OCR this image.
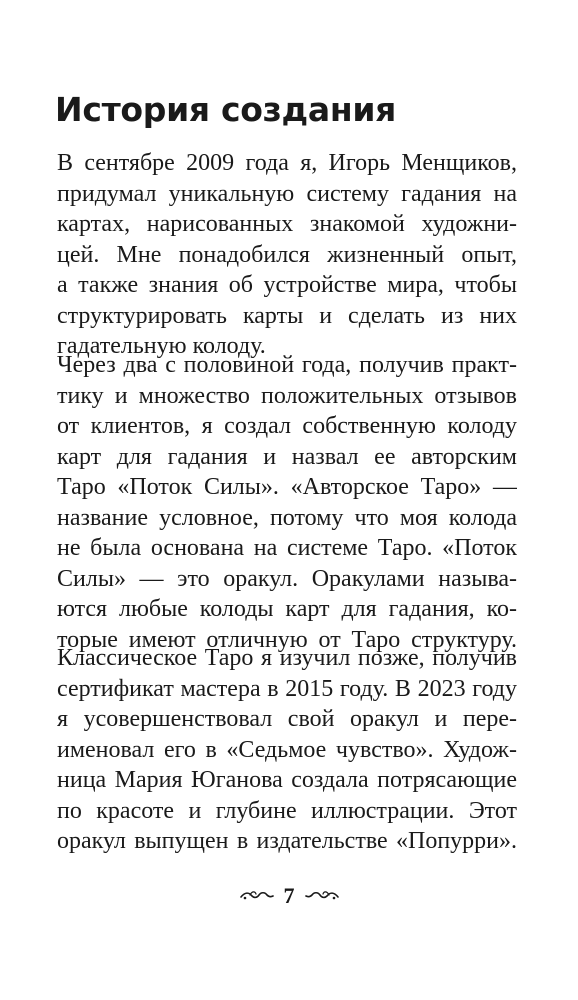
История создания

В сентябре 2009 года я, Игорь Менщиков,
придумал уникальную систему гадания на
картах, нарисованных знакомой художни-
цей. Мне понадобился жизненный опыт,
а также знания об устройстве мира, чтобы
структурировать карты и сделать из них
гадательную колоду.

Через два с половиной года, получив практ-
тику и множество положительных отзывов
от клиентов, я создал собственную колоду
карт для гадания и назвал ее авторским
Таро «Поток Силы». «Авторское Таро» —
название условное, потому что моя колода
не была основана на системе Таро. «Поток
Силы» — это оракул. Оракулами называ-
ются любые колоды карт для гадания, ко-
торые имеют отличную от Таро структуру.

Классическое Таро я изучил позже, получив
сертификат мастера в 2015 году. В 2023 году
я усовершенствовал свой оракул и пере-
именовал его в «Седьмое чувство». Худож-
ница Мария Юганова создала потрясающие
по красоте и глубине иллюстрации. Этот
оракул выпущен в издательстве «Попурри».

7
